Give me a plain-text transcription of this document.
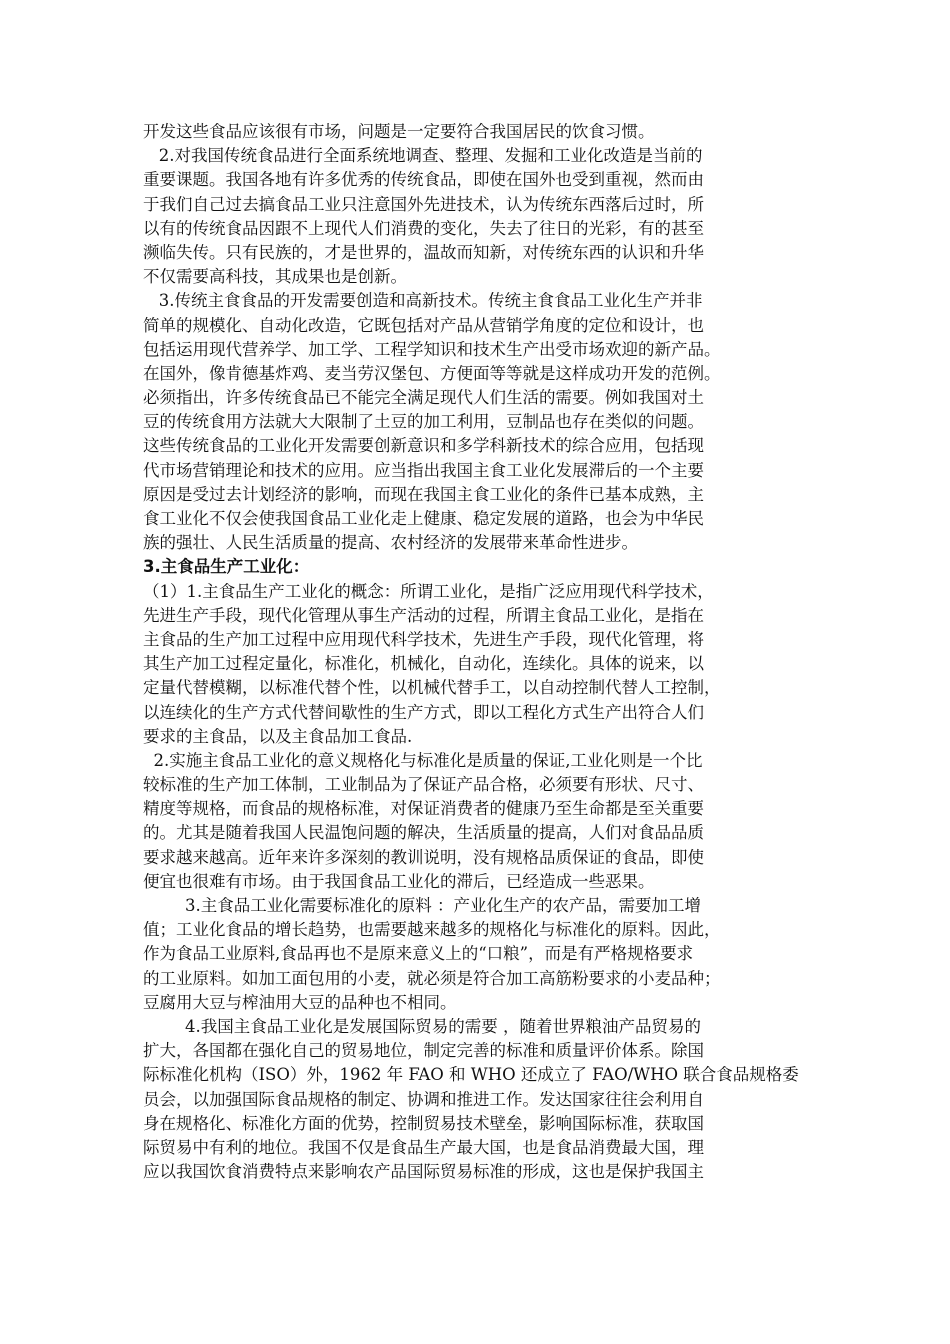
开发这些食品应该很有市场，问题是一定要符合我国居民的饮食习惯。
2.对我国传统食品进行全面系统地调查、整理、发掘和工业化改造是当前的
重要课题。我国各地有许多优秀的传统食品，即使在国外也受到重视，然而由
于我们自己过去搞食品工业只注意国外先进技术，认为传统东西落后过时，所
以有的传统食品因跟不上现代人们消费的变化，失去了往日的光彩，有的甚至
濒临失传。只有民族的，才是世界的，温故而知新，对传统东西的认识和升华
不仅需要高科技，其成果也是创新。
3.传统主食食品的开发需要创造和高新技术。传统主食食品工业化生产并非
简单的规模化、自动化改造，它既包括对产品从营销学角度的定位和设计，也
包括运用现代营养学、加工学、工程学知识和技术生产出受市场欢迎的新产品。
在国外，像肯德基炸鸡、麦当劳汉堡包、方便面等等就是这样成功开发的范例。
必须指出，许多传统食品已不能完全满足现代人们生活的需要。例如我国对土
豆的传统食用方法就大大限制了土豆的加工利用，豆制品也存在类似的问题。
这些传统食品的工业化开发需要创新意识和多学科新技术的综合应用，包括现
代市场营销理论和技术的应用。应当指出我国主食工业化发展滞后的一个主要
原因是受过去计划经济的影响，而现在我国主食工业化的条件已基本成熟，主
食工业化不仅会使我国食品工业化走上健康、稳定发展的道路，也会为中华民
族的强壮、人民生活质量的提高、农村经济的发展带来革命性进步。
3.主食品生产工业化：
（1）1.主食品生产工业化的概念：所谓工业化，是指广泛应用现代科学技术，
先进生产手段，现代化管理从事生产活动的过程，所谓主食品工业化，是指在
主食品的生产加工过程中应用现代科学技术，先进生产手段，现代化管理，将
其生产加工过程定量化，标准化，机械化，自动化，连续化。具体的说来，以
定量代替模糊，以标准代替个性，以机械代替手工，以自动控制代替人工控制，
以连续化的生产方式代替间歇性的生产方式，即以工程化方式生产出符合人们
要求的主食品，以及主食品加工食品.
2.实施主食品工业化的意义规格化与标准化是质量的保证,工业化则是一个比
较标准的生产加工体制，工业制品为了保证产品合格，必须要有形状、尺寸、
精度等规格，而食品的规格标准，对保证消费者的健康乃至生命都是至关重要
的。尤其是随着我国人民温饱问题的解决，生活质量的提高，人们对食品品质
要求越来越高。近年来许多深刻的教训说明，没有规格品质保证的食品，即使
便宜也很难有市场。由于我国食品工业化的滞后，已经造成一些恶果。
3.主食品工业化需要标准化的原料 ：产业化生产的农产品，需要加工增
值；工业化食品的增长趋势，也需要越来越多的规格化与标准化的原料。因此，
作为食品工业原料,食品再也不是原来意义上的“口粮”，而是有严格规格要求
的工业原料。如加工面包用的小麦，就必须是符合加工高筋粉要求的小麦品种；
豆腐用大豆与榨油用大豆的品种也不相同。
4.我国主食品工业化是发展国际贸易的需要 ，随着世界粮油产品贸易的
扩大，各国都在强化自己的贸易地位，制定完善的标准和质量评价体系。除国
际标准化机构（ISO）外，1962 年 FAO 和 WHO 还成立了 FAO/WHO 联合食品规格委
员会，以加强国际食品规格的制定、协调和推进工作。发达国家往往会利用自
身在规格化、标准化方面的优势，控制贸易技术壁垒，影响国际标准，获取国
际贸易中有利的地位。我国不仅是食品生产最大国，也是食品消费最大国，理
应以我国饮食消费特点来影响农产品国际贸易标准的形成，这也是保护我国主
